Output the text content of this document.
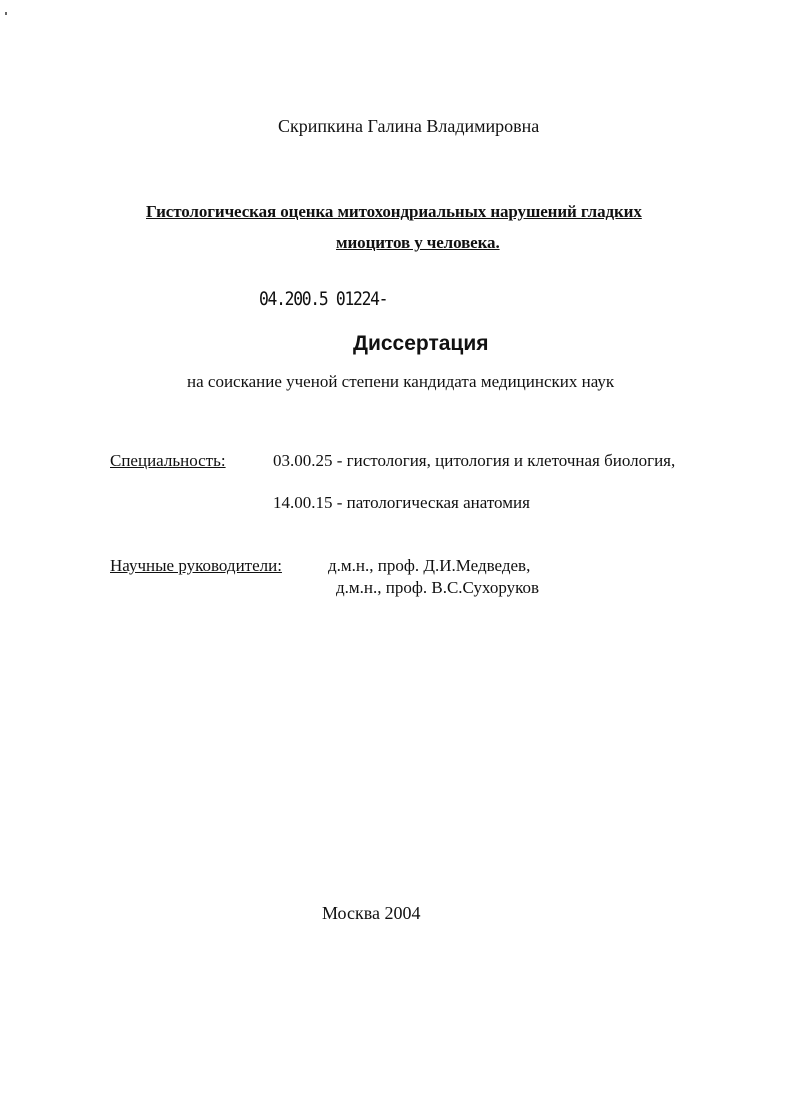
Скрипкина Галина Владимировна
Гистологическая оценка митохондриальных нарушений гладких
миоцитов у человека.
04.200.5 01224-
Диссертация
на соискание ученой степени кандидата медицинских наук
Специальность:	03.00.25 - гистология, цитология и клеточная биология,
14.00.15 - патологическая анатомия
Научные руководители:	д.м.н., проф. Д.И.Медведев,
д.м.н., проф. В.С.Сухоруков
Москва 2004
